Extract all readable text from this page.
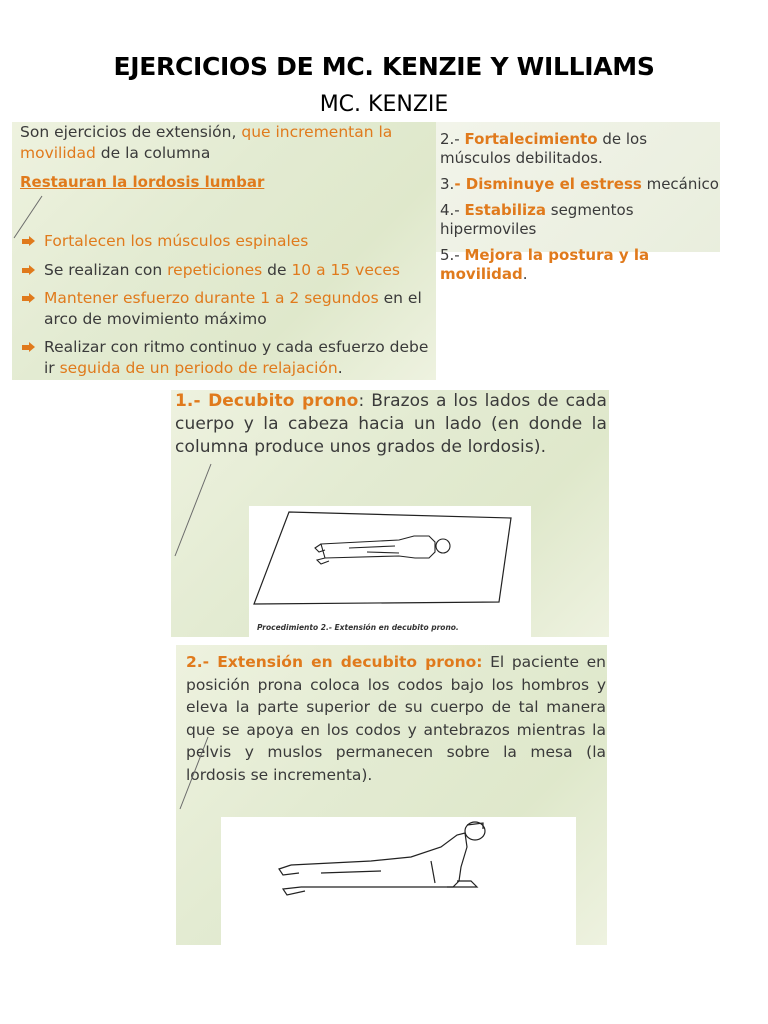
EJERCICIOS DE MC. KENZIE Y WILLIAMS
MC. KENZIE
Son ejercicios de extensión, que incrementan la movilidad de la columna
Restauran la lordosis lumbar
Fortalecen los músculos espinales
Se realizan con repeticiones de 10 a 15 veces
Mantener esfuerzo durante 1 a 2 segundos en el arco de movimiento máximo
Realizar con ritmo continuo y cada esfuerzo debe ir seguida de un periodo de relajación.
2.- Fortalecimiento de los músculos debilitados.
3.- Disminuye el estress mecánico
4.- Estabiliza segmentos hipermoviles
5.- Mejora la postura y la movilidad.
1.- Decubito prono: Brazos a los lados de cada cuerpo y la cabeza hacia un lado (en donde la columna produce unos grados de lordosis).
Procedimiento 2.- Extensión en decubito prono.
2.- Extensión en decubito prono: El paciente en posición prona coloca los codos bajo los hombros y eleva la parte superior de su cuerpo de tal manera que se apoya en los codos y antebrazos mientras la pelvis y muslos permanecen sobre la mesa (la lordosis se incrementa).
